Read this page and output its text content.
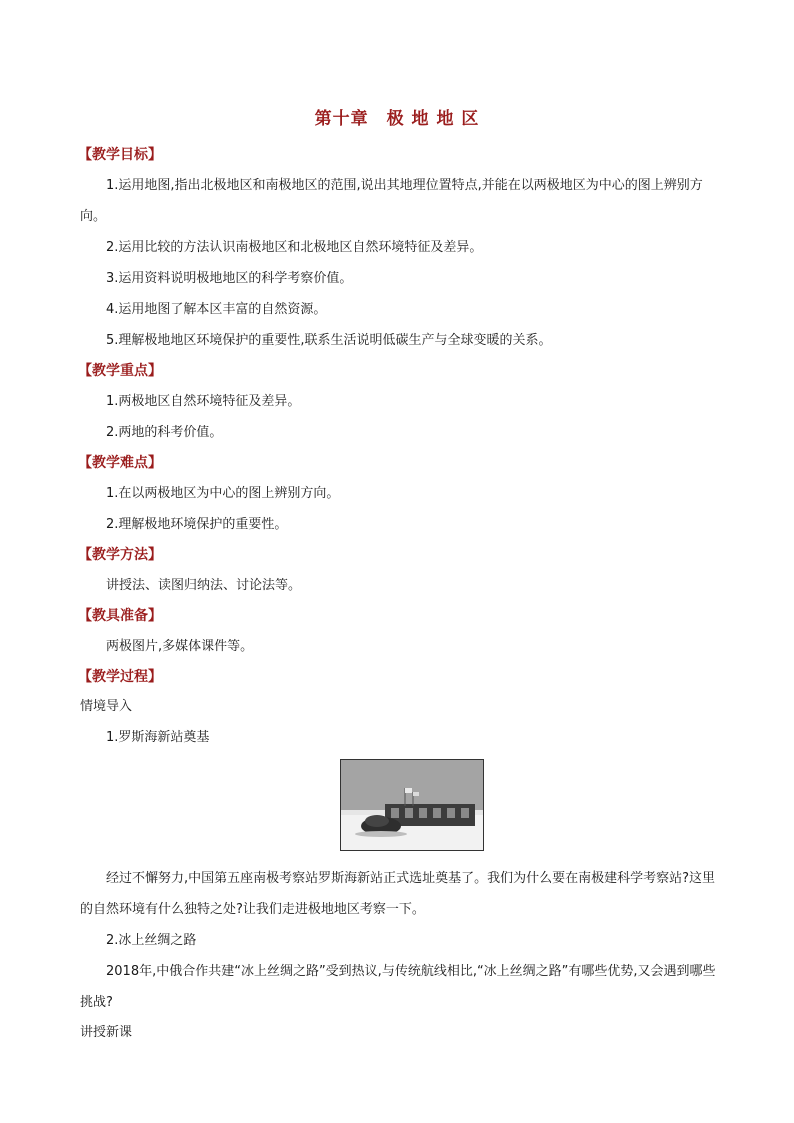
第十章　极 地 地 区
【教学目标】

1.运用地图,指出北极地区和南极地区的范围,说出其地理位置特点,并能在以两极地区为中心的图上辨别方向。

2.运用比较的方法认识南极地区和北极地区自然环境特征及差异。

3.运用资料说明极地地区的科学考察价值。

4.运用地图了解本区丰富的自然资源。

5.理解极地地区环境保护的重要性,联系生活说明低碳生产与全球变暖的关系。

【教学重点】

1.两极地区自然环境特征及差异。

2.两地的科考价值。

【教学难点】

1.在以两极地区为中心的图上辨别方向。

2.理解极地环境保护的重要性。

【教学方法】

讲授法、读图归纳法、讨论法等。

【教具准备】

两极图片,多媒体课件等。

【教学过程】

情境导入

1.罗斯海新站奠基

经过不懈努力,中国第五座南极考察站罗斯海新站正式选址奠基了。我们为什么要在南极建科学考察站?这里的自然环境有什么独特之处?让我们走进极地地区考察一下。

2.冰上丝绸之路

2018年,中俄合作共建“冰上丝绸之路”受到热议,与传统航线相比,“冰上丝绸之路”有哪些优势,又会遇到哪些挑战?

讲授新课
